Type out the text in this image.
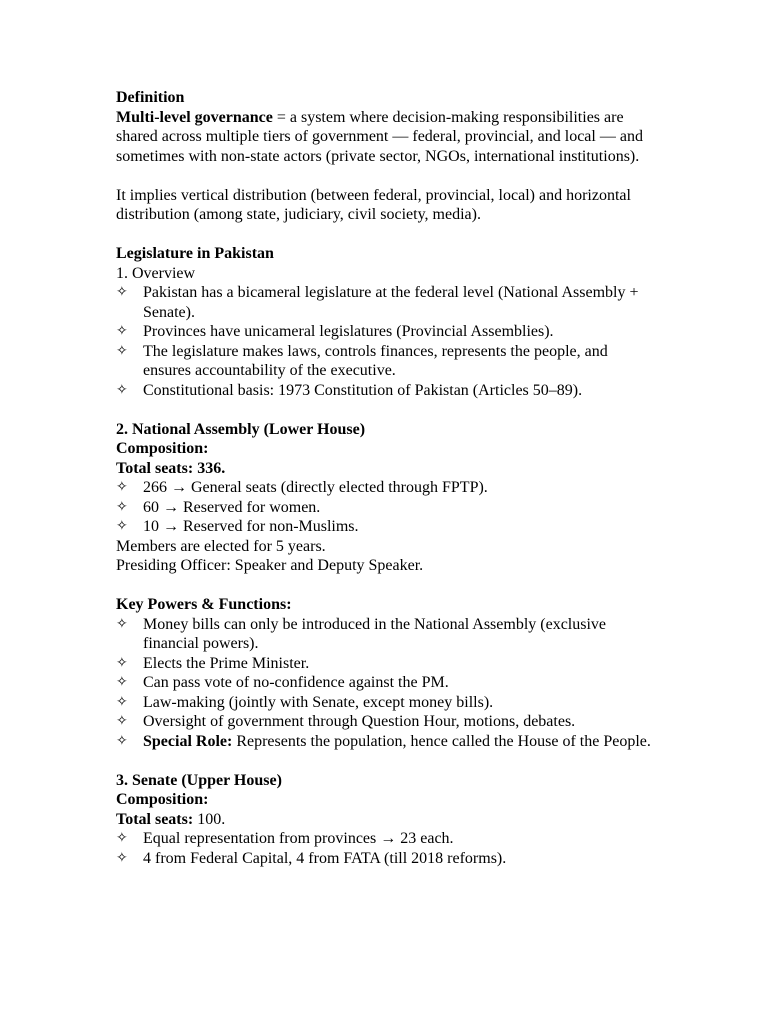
Definition
Multi-level governance = a system where decision-making responsibilities are shared across multiple tiers of government — federal, provincial, and local — and sometimes with non-state actors (private sector, NGOs, international institutions).
It implies vertical distribution (between federal, provincial, local) and horizontal distribution (among state, judiciary, civil society, media).
Legislature in Pakistan
1. Overview
✧ Pakistan has a bicameral legislature at the federal level (National Assembly + Senate).
✧ Provinces have unicameral legislatures (Provincial Assemblies).
✧ The legislature makes laws, controls finances, represents the people, and ensures accountability of the executive.
✧ Constitutional basis: 1973 Constitution of Pakistan (Articles 50–89).
2. National Assembly (Lower House)
Composition:
Total seats: 336.
✧ 266 → General seats (directly elected through FPTP).
✧ 60 → Reserved for women.
✧ 10 → Reserved for non-Muslims.
Members are elected for 5 years.
Presiding Officer: Speaker and Deputy Speaker.
Key Powers & Functions:
✧ Money bills can only be introduced in the National Assembly (exclusive financial powers).
✧ Elects the Prime Minister.
✧ Can pass vote of no-confidence against the PM.
✧ Law-making (jointly with Senate, except money bills).
✧ Oversight of government through Question Hour, motions, debates.
✧ Special Role: Represents the population, hence called the House of the People.
3. Senate (Upper House)
Composition:
Total seats: 100.
✧ Equal representation from provinces → 23 each.
✧ 4 from Federal Capital, 4 from FATA (till 2018 reforms).
